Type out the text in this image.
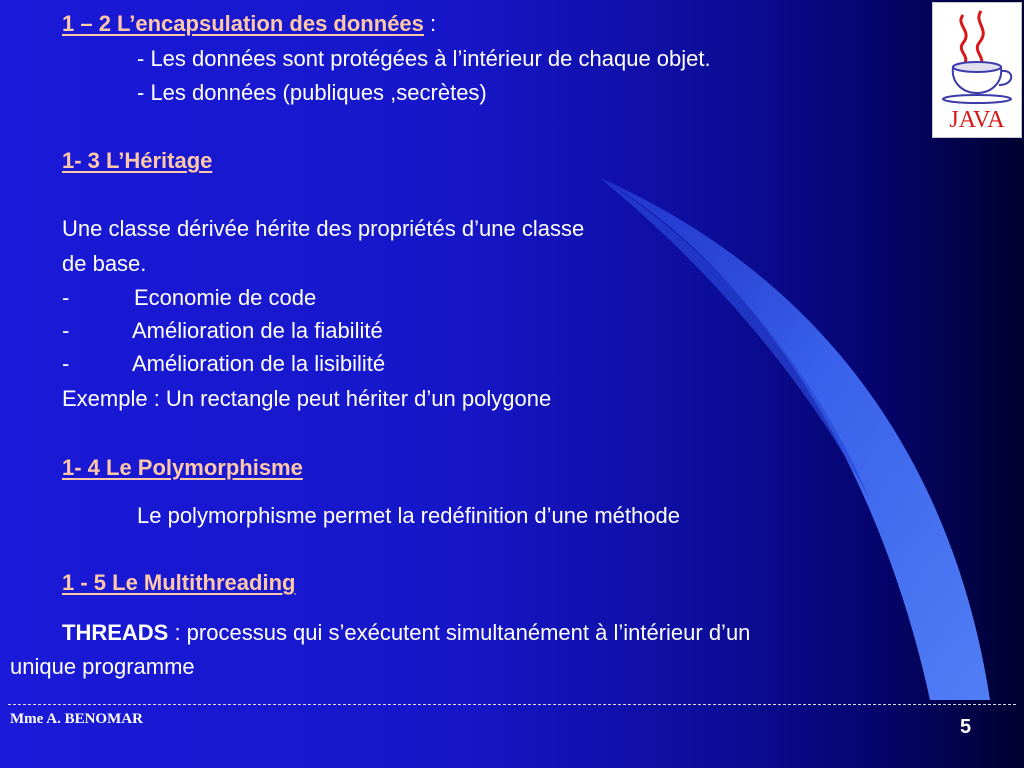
JAVA
1 – 2 L’encapsulation des données :
- Les données sont protégées à l’intérieur de chaque objet.
- Les données (publiques ,secrètes)
1- 3 L’Héritage
Une classe dérivée hérite des propriétés d’une classe
de base.
-	Economie de code
-	Amélioration de la fiabilité
-	Amélioration de la lisibilité
Exemple : Un rectangle peut hériter d’un polygone
1- 4 Le Polymorphisme
Le polymorphisme permet la redéfinition d’une méthode
1 - 5 Le Multithreading
THREADS : processus qui s’exécutent simultanément à l’intérieur d’un
unique programme
Mme A. BENOMAR	5
